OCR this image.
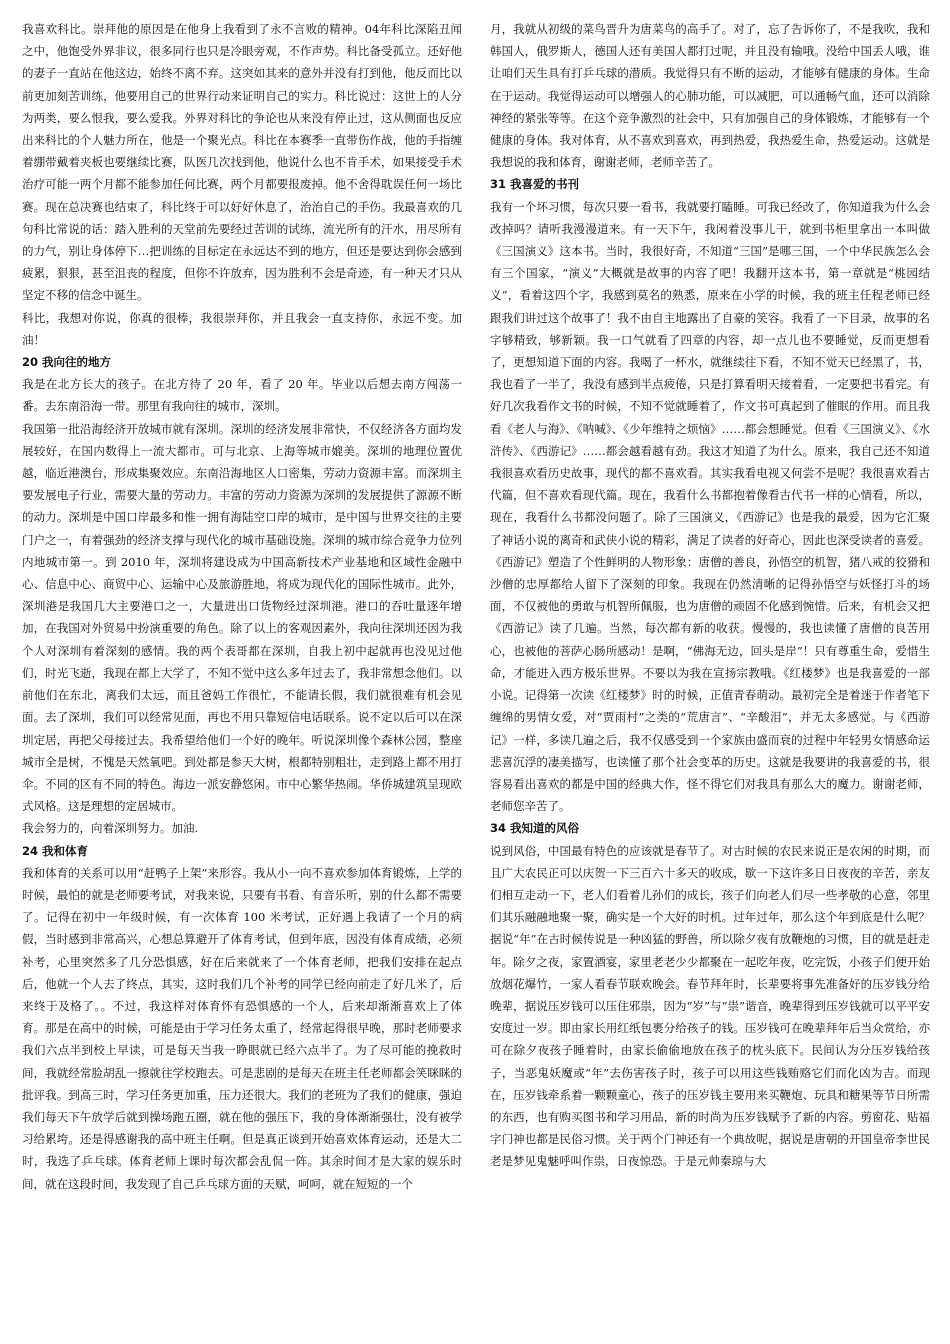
我喜欢科比。崇拜他的原因是在他身上我看到了永不言败的精神。04年科比深陷丑闻之中，他饱受外界非议，很多同行也只是冷眼旁观，不作声势。科比备受孤立。还好他的妻子一直站在他这边，始终不离不弃。这突如其来的意外并没有打到他，他反而比以前更加刻苦训练，他要用自己的世界行动来证明自己的实力。科比说过：这世上的人分为两类，要么恨我，要么爱我。外界对科比的争论也从来没有停止过，这从侧面也反应出来科比的个人魅力所在，他是一个聚光点。科比在本赛季一直带伤作战，他的手指缠着绷带戴着夹板也要继续比赛，队医几次找到他，他说什么也不肯手术，如果接受手术治疗可能一两个月都不能参加任何比赛，两个月都要报废掉。他不舍得耽误任何一场比赛。现在总决赛也结束了，科比终于可以好好休息了，治治自己的手伤。我最喜欢的几句科比常说的话：踏入胜利的天堂前先要经过苦训的试练，流光所有的汗水，用尽所有的力气，别让身体停下…把训练的目标定在永远达不到的地方，但还是要达到你会感到疲累，狠狠，甚至沮丧的程度，但你不许放弃，因为胜利不会是奇迹，有一种天才只从坚定不移的信念中诞生。

科比，我想对你说，你真的很棒，我很崇拜你，并且我会一直支持你，永远不变。加油！

20 我向往的地方

我是在北方长大的孩子。在北方待了 20 年，看了 20 年。毕业以后想去南方闯荡一番。去东南沿海一带。那里有我向往的城市，深圳。

我国第一批沿海经济开放城市就有深圳。深圳的经济发展非常快，不仅经济各方面均发展较好，在国内数得上一流大都市。可与北京、上海等城市媲美。深圳的地理位置优越，临近港澳台，形成集聚效应。东南沿海地区人口密集，劳动力资源丰富。而深圳主要发展电子行业，需要大量的劳动力。丰富的劳动力资源为深圳的发展提供了源源不断的动力。深圳是中国口岸最多和惟一拥有海陆空口岸的城市，是中国与世界交往的主要门户之一，有着强劲的经济支撑与现代化的城市基础设施。深圳的城市综合竞争力位列内地城市第一。到 2010 年，深圳将建设成为中国高新技术产业基地和区域性金融中心、信息中心、商贸中心、运输中心及旅游胜地，将成为现代化的国际性城市。此外，深圳港是我国几大主要港口之一，大量进出口货物经过深圳港。港口的吞吐量逐年增加，在我国对外贸易中扮演重要的角色。除了以上的客观因素外，我向往深圳还因为我个人对深圳有着深刻的感情。我的两个表哥都在深圳，自我上初中起就再也没见过他们，时光飞逝，我现在都上大学了，不知不觉中这么多年过去了，我非常想念他们。以前他们在东北，离我们太远，而且爸妈工作很忙，不能请长假，我们就很难有机会见面。去了深圳，我们可以经常见面，再也不用只靠短信电话联系。说不定以后可以在深圳定居，再把父母接过去。我希望给他们一个好的晚年。听说深圳像个森林公园，整座城市全是树，不愧是天然氧吧。到处都是参天大树，根都特别粗壮，走到路上都不用打伞。不同的区有不同的特色。海边一派安静悠闲。市中心繁华热闹。华侨城建筑呈现欧式风格。这是理想的定居城市。

我会努力的，向着深圳努力。加油.

24 我和体育

我和体育的关系可以用“赶鸭子上架”来形容。我从小一向不喜欢参加体育锻炼，上学的时候，最怕的就是老师要考试，对我来说，只要有书看、有音乐听，别的什么都不需要了。记得在初中一年级时候，有一次体育 100 米考试，正好遇上我请了一个月的病假，当时感到非常高兴，心想总算避开了体育考试，但到年底，因没有体育成绩，必须补考，心里突然多了几分恐惧感，好在后来就来了一个体育老师，把我们安排在起点后，他就一个人去了终点，其实，这时我们几个补考的同学已经向前走了好几米了，后来终于及格了。。不过，我这样对体育怀有恐惧感的一个人，后来却渐渐喜欢上了体育。那是在高中的时候，可能是由于学习任务太重了，经常起得很早晚，那时老师要求我们六点半到校上早读，可是每天当我一睁眼就已经六点半了。为了尽可能的挽救时间，我就经常脸胡乱一擦就往学校跑去。可是悲剧的是每天在班主任老师都会笑眯眯的批评我。到高三时，学习任务更加重，压力还很大。我们的老班为了我们的健康，强迫我们每天下午放学后就到操场跑五圈，就在他的强压下，我的身体渐渐强壮，没有被学习给累垮。还是得感谢我的高中班主任啊。但是真正谈到开始喜欢体育运动，还是大二时，我选了乒乓球。体育老师上课时每次都会乱侃一阵。其余时间才是大家的娱乐时间，就在这段时间，我发现了自己乒乓球方面的天赋，呵呵，就在短短的一个

月，我就从初级的菜鸟晋升为唐菜鸟的高手了。对了，忘了告诉你了，不是我吹，我和韩国人，俄罗斯人，德国人还有美国人都打过呢，并且没有输哦。没给中国丢人哦，谁让咱们天生具有打乒乓球的潜质。我觉得只有不断的运动，才能够有健康的身体。生命在于运动。我觉得运动可以增强人的心肺功能，可以减肥，可以通畅气血，还可以消除神经的紧张等等。在这个竞争激烈的社会中，只有加强自己的身体锻炼，才能够有一个健康的身体。我对体育，从不喜欢到喜欢，再到热爱，我热爱生命，热爱运动。这就是我想说的我和体育，谢谢老师，老师辛苦了。

31 我喜爱的书刊

我有一个坏习惯，每次只要一看书，我就要打瞌睡。可我已经改了，你知道我为什么会改掉吗？请听我漫漫道来。有一天下午，我闲着没事儿干，就到书柜里拿出一本叫做《三国演义》这本书。当时，我很好奇，不知道“三国”是哪三国，一个中华民族怎么会有三个国家，“演义”大概就是故事的内容了吧！我翻开这本书，第一章就是“桃园结义”，看着这四个字，我感到莫名的熟悉，原来在小学的时候，我的班主任程老师已经跟我们讲过这个故事了！我不由自主地露出了自豪的笑容。我看了一下目录，故事的名字够精致，够新颖。我一口气就看了四章的内容，却一点儿也不要睡觉，反而更想看了，更想知道下面的内容。我喝了一杯水，就继续往下看，不知不觉天已经黑了，书，我也看了一半了，我没有感到半点疲倦，只是打算看明天接着看，一定要把书看完。有好几次我看作文书的时候，不知不觉就睡着了，作文书可真起到了催眠的作用。而且我看《老人与海》、《呐喊》、《少年维特之烦恼》……都会想睡觉。但看《三国演义》、《水浒传》、《西游记》……都会越看越有劲。我这才知道了为什么。原来，我自己还不知道我很喜欢看历史故事，现代的都不喜欢看。其实我看电视又何尝不是呢？我很喜欢看古代篇，但不喜欢看现代篇。现在，我看什么书都抱着像看古代书一样的心情看，所以，现在，我看什么书都没问题了。除了三国演义，《西游记》也是我的最爱，因为它汇聚了神话小说的离奇和武侠小说的精彩，满足了读者的好奇心，因此也深受读者的喜爱。《西游记》塑造了个性鲜明的人物形象：唐僧的善良，孙悟空的机智，猪八戒的狡猾和沙僧的忠厚都给人留下了深刻的印象。我现在仍然清晰的记得孙悟空与妖怪打斗的场面，不仅被他的勇敢与机智所佩服，也为唐僧的顽固不化感到惋惜。后来，有机会又把《西游记》读了几遍。当然，每次都有新的收获。慢慢的，我也读懂了唐僧的良苦用心，也被他的菩萨心肠所感动！是啊，“佛海无边，回头是岸”！只有尊重生命，爱惜生命，才能进入西方极乐世界。不要以为我在宣扬宗教哦。《红楼梦》也是我喜爱的一部小说。记得第一次读《红楼梦》时的时候，正值青春萌动。最初完全是着迷于作者笔下缠绵的男情女爱，对“贾雨村”之类的“荒唐言”、“辛酸泪”，并无太多感觉。与《西游记》一样，多读几遍之后，我不仅感受到一个家族由盛而衰的过程中年轻男女情感命运悲喜沉浮的凄美描写，也读懂了那个社会变革的历史。这就是我要讲的我喜爱的书，很容易看出喜欢的都是中国的经典大作，怪不得它们对我具有那么大的魔力。谢谢老师，老师您辛苦了。

34 我知道的风俗

说到风俗，中国最有特色的应该就是春节了。对古时候的农民来说正是农闲的时期，而且广大农民正可以庆贺一下三百六十多天的收成，歇一下这许多日日夜夜的辛苦，亲友们相互走动一下，老人们看着儿孙们的成长，孩子们向老人们尽一些孝敬的心意，邻里们其乐融融地聚一聚，确实是一个大好的时机。过年过年，那么这个年到底是什么呢？据说“年”在古时候传说是一种凶猛的野兽，所以除夕夜有放鞭炮的习惯，目的就是赶走年。除夕之夜，家置酒宴，家里老老少少都聚在一起吃年夜，吃完饭，小孩子们便开始放烟花爆竹，一家人看春节联欢晚会。春节拜年时，长辈要将事先准备好的压岁钱分给晚辈，据说压岁钱可以压住邪祟，因为“岁”与“祟”谐音，晚辈得到压岁钱就可以平平安安度过一岁。即由家长用红纸包裹分给孩子的钱。压岁钱可在晚辈拜年后当众赏给，亦可在除夕夜孩子睡着时，由家长偷偷地放在孩子的枕头底下。民间认为分压岁钱给孩子，当恶鬼妖魔或“年”去伤害孩子时，孩子可以用这些钱贿赂它们而化凶为吉。而现在，压岁钱牵系着一颗颗童心，孩子的压岁钱主要用来买鞭炮、玩具和糖果等节日所需的东西，也有购买图书和学习用品，新的时尚为压岁钱赋予了新的内容。剪窗花、贴福字门神也都是民俗习惯。关于两个门神还有一个典故呢，据说是唐朝的开国皇帝李世民老是梦见鬼魅呼叫作祟，日夜惊恐。于是元帅秦琼与大
